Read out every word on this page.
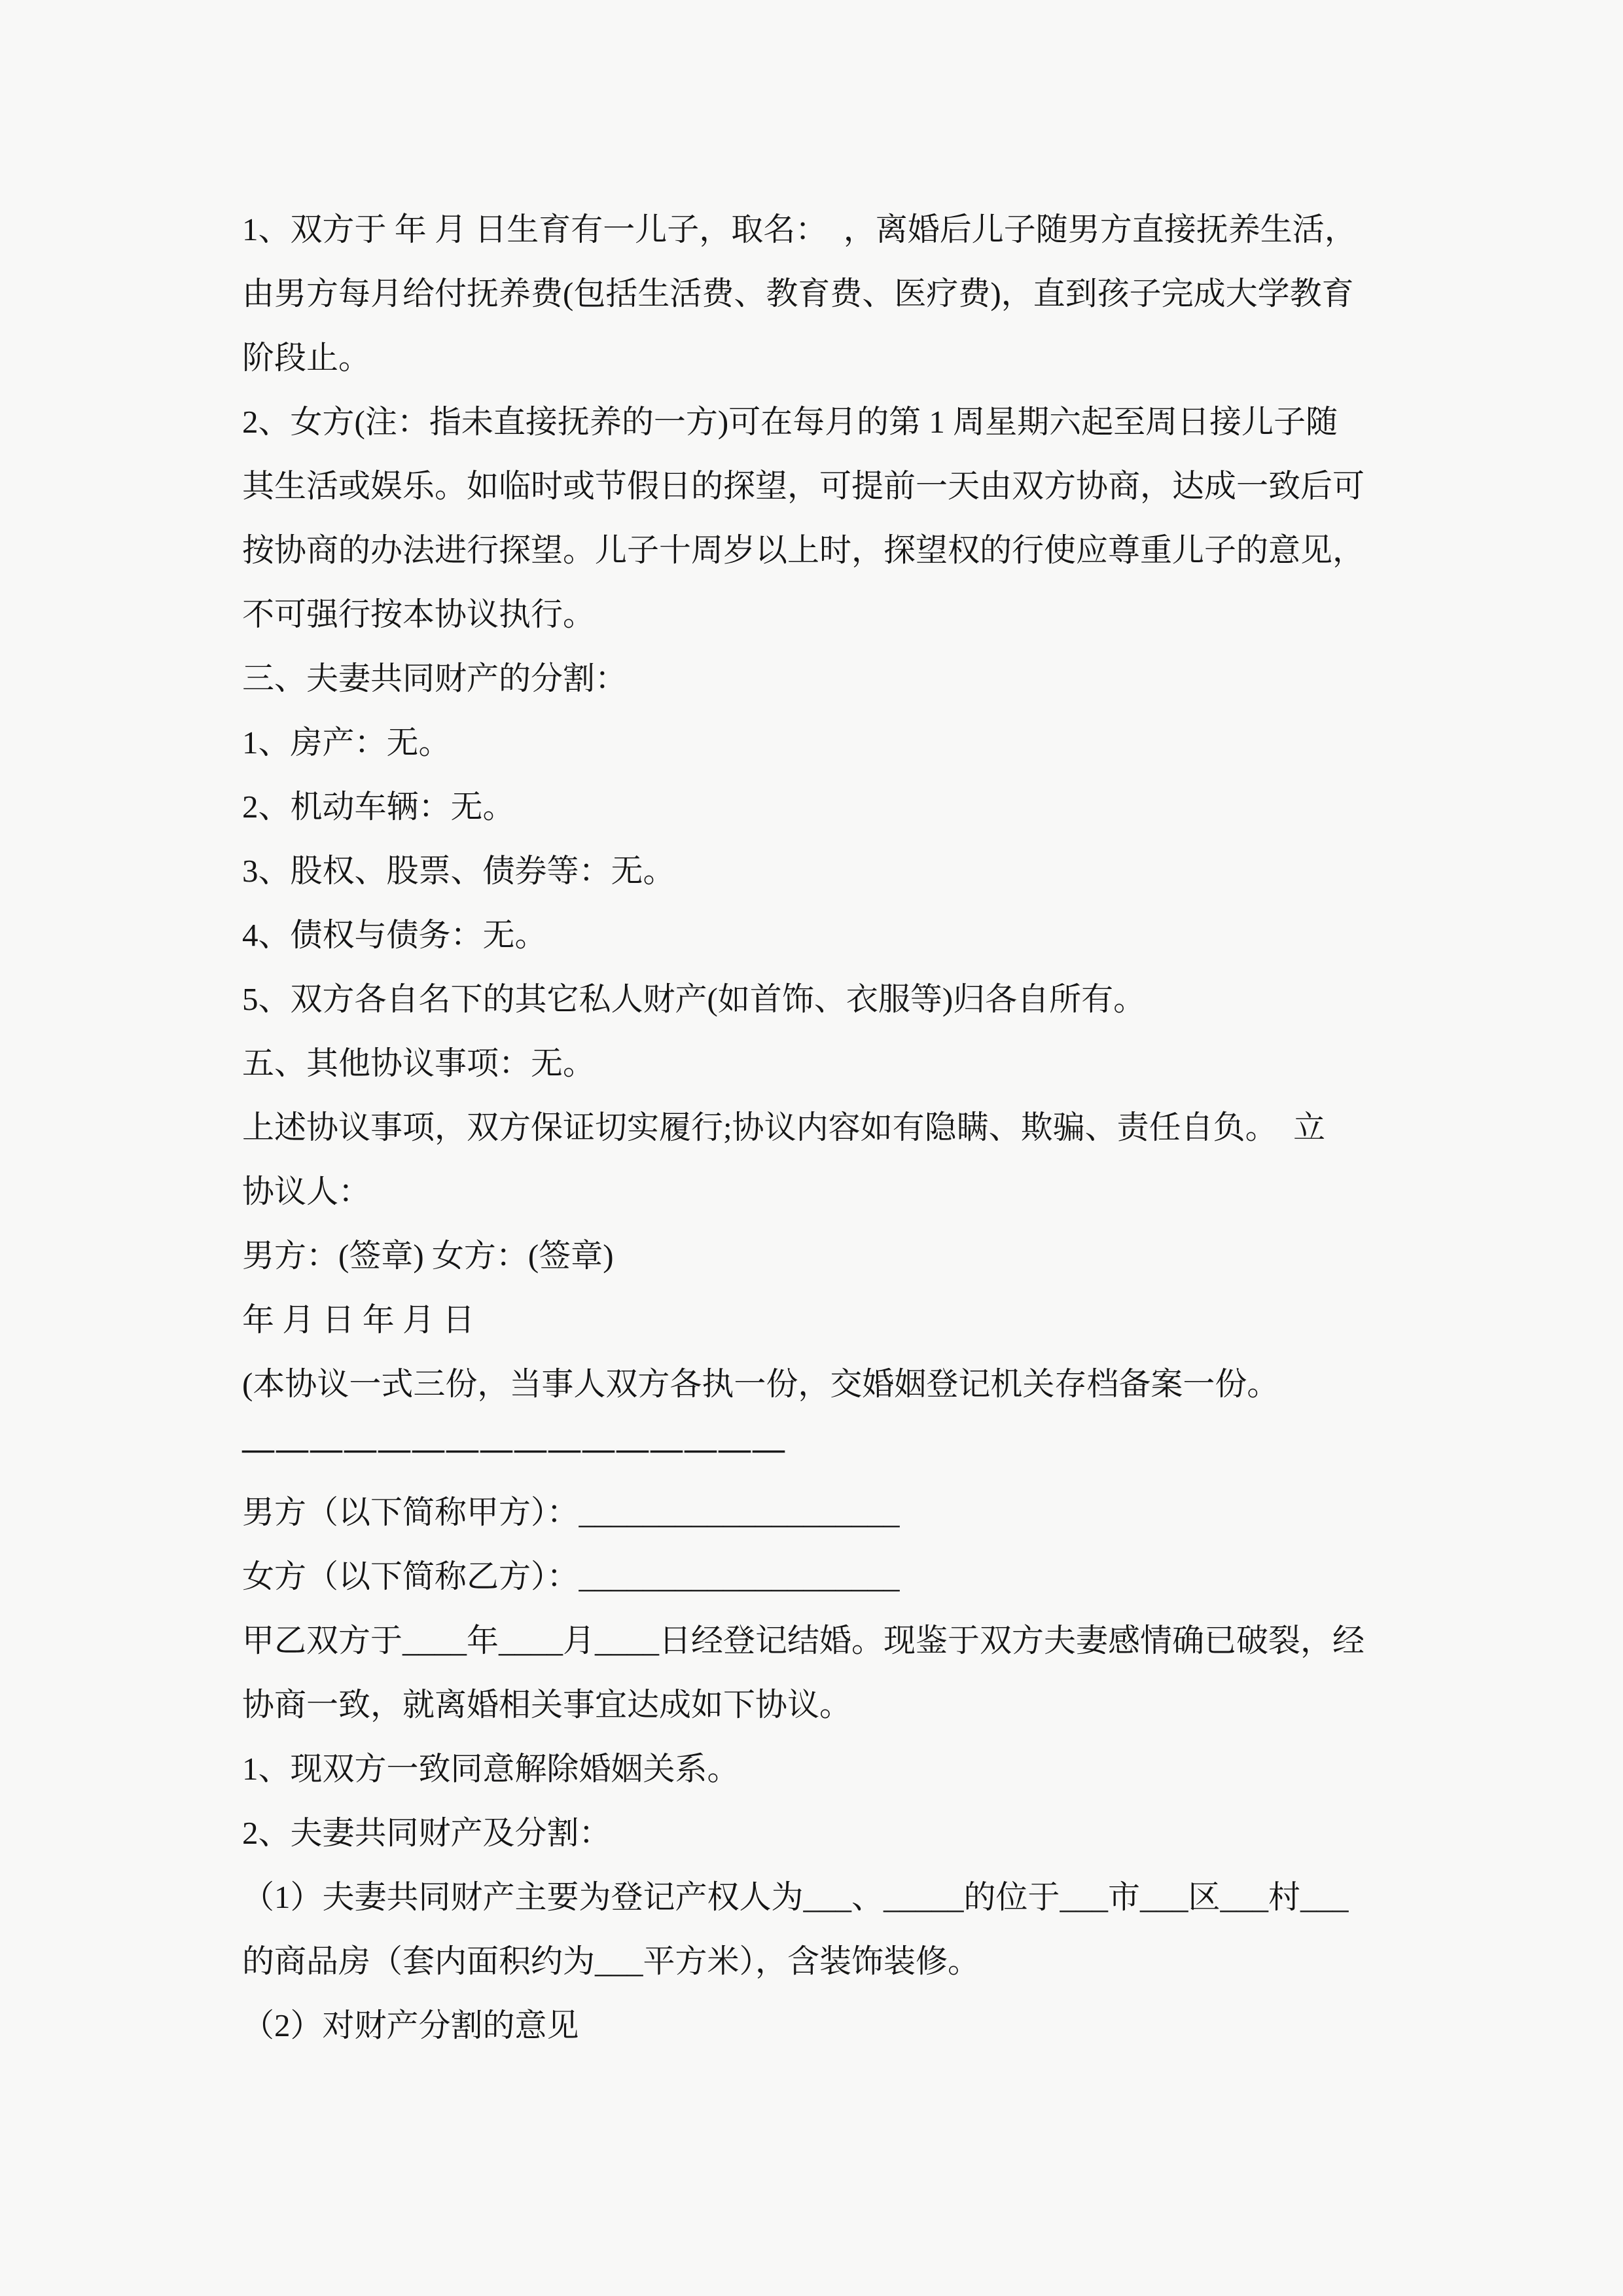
1、双方于 年 月 日生育有一儿子，取名：　，离婚后儿子随男方直接抚养生活，
由男方每月给付抚养费(包括生活费、教育费、医疗费)，直到孩子完成大学教育
阶段止。
2、女方(注：指未直接抚养的一方)可在每月的第 1 周星期六起至周日接儿子随
其生活或娱乐。如临时或节假日的探望，可提前一天由双方协商，达成一致后可
按协商的办法进行探望。儿子十周岁以上时，探望权的行使应尊重儿子的意见，
不可强行按本协议执行。
三、夫妻共同财产的分割：
1、房产：无。
2、机动车辆：无。
3、股权、股票、债券等：无。
4、债权与债务：无。
5、双方各自名下的其它私人财产(如首饰、衣服等)归各自所有。
五、其他协议事项：无。
上述协议事项，双方保证切实履行;协议内容如有隐瞒、欺骗、责任自负。　立
协议人：
男方：(签章) 女方：(签章)
年 月 日 年 月 日
(本协议一式三份，当事人双方各执一份，交婚姻登记机关存档备案一份。
————————————————
男方（以下简称甲方）：____________________
女方（以下简称乙方）：____________________
甲乙双方于____年____月____日经登记结婚。现鉴于双方夫妻感情确已破裂，经
协商一致，就离婚相关事宜达成如下协议。
1、现双方一致同意解除婚姻关系。
2、夫妻共同财产及分割：
（1）夫妻共同财产主要为登记产权人为___、_____的位于___市___区___村___
的商品房（套内面积约为___平方米），含装饰装修。
（2）对财产分割的意见
